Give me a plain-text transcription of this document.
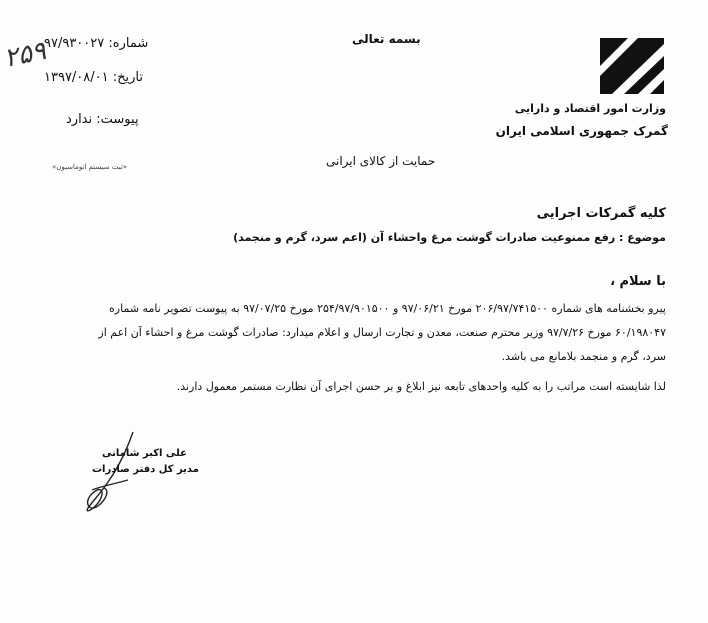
وزارت امور اقتصاد و دارایی
گمرک جمهوری اسلامی ایران
بسمه تعالی
شماره: ۹۷/۹۳۰۰۲۷
تاریخ: ۱۳۹۷/۰۸/۰۱
پیوست: ندارد
۲۵۹
حمایت از کالای ایرانی
«ثبت سیستم اتوماسیون»
کلیه گمرکات اجرایی
موضوع : رفع ممنوعیت صادرات گوشت مرغ واحشاء آن (اعم سرد، گرم و منجمد)
با سلام ،
پیرو بخشنامه های شماره ۲۰۶/۹۷/۷۴۱۵۰۰ مورخ ۹۷/۰۶/۲۱ و ۲۵۴/۹۷/۹۰۱۵۰۰ مورخ ۹۷/۰۷/۲۵ به پیوست تصویر نامه شماره
۶۰/۱۹۸۰۴۷ مورخ ۹۷/۷/۲۶ وزیر محترم صنعت، معدن و تجارت ارسال و اعلام میدارد: صادرات گوشت مرغ و احشاء آن اعم از
سرد، گرم و منجمد بلامانع می باشد.
لذا شایسته است مراتب را به کلیه واحدهای تابعه نیز ابلاغ و بر حسن اجرای آن نظارت مستمر معمول دارند.
علی اکبر شامانی
مدیر کل دفتر صادرات
